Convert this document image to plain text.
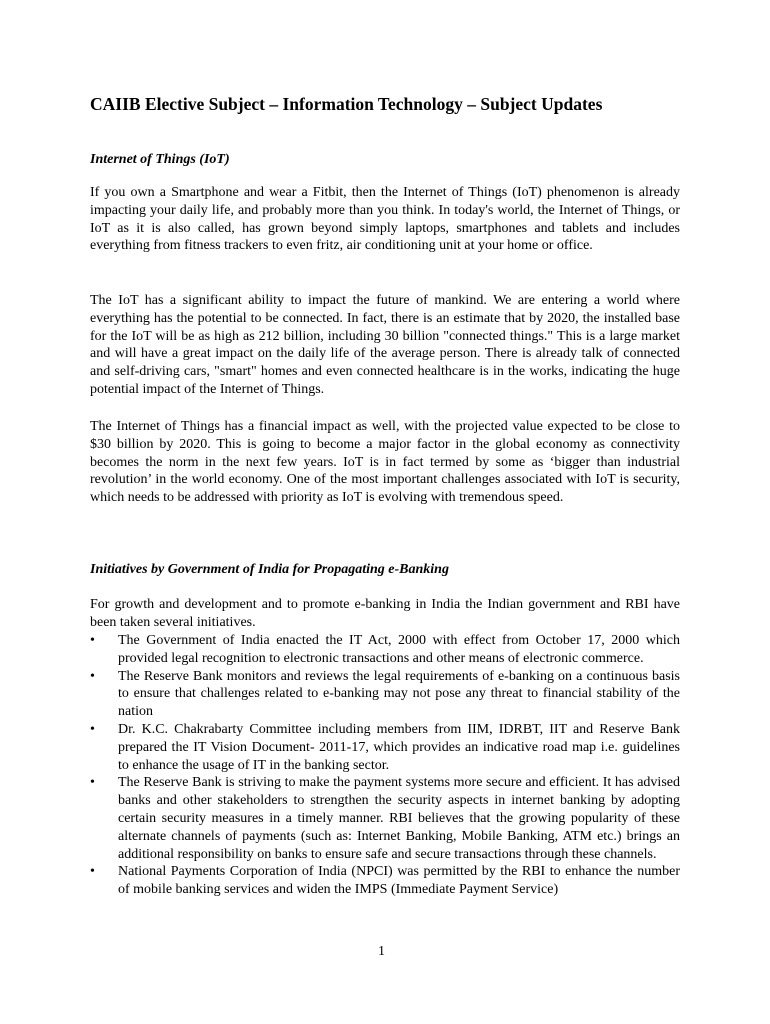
CAIIB Elective Subject – Information Technology – Subject Updates
Internet of Things (IoT)

If you own a Smartphone and wear a Fitbit, then the Internet of Things (IoT) phenomenon is already impacting your daily life, and probably more than you think. In today's world, the Internet of Things, or IoT as it is also called, has grown beyond simply laptops, smartphones and tablets and includes everything from fitness trackers to even fritz, air conditioning unit at your home or office.

The IoT has a significant ability to impact the future of mankind. We are entering a world where everything has the potential to be connected. In fact, there is an estimate that by 2020, the installed base for the IoT will be as high as 212 billion, including 30 billion "connected things." This is a large market and will have a great impact on the daily life of the average person. There is already talk of connected and self-driving cars, "smart" homes and even connected healthcare is in the works, indicating the huge potential impact of the Internet of Things.

The Internet of Things has a financial impact as well, with the projected value expected to be close to $30 billion by 2020. This is going to become a major factor in the global economy as connectivity becomes the norm in the next few years. IoT is in fact termed by some as ‘bigger than industrial revolution’ in the world economy. One of the most important challenges associated with IoT is security, which needs to be addressed with priority as IoT is evolving with tremendous speed.

Initiatives by Government of India for Propagating e-Banking

For growth and development and to promote e-banking in India the Indian government and RBI have been taken several initiatives.

•	The Government of India enacted the IT Act, 2000 with effect from October 17, 2000 which provided legal recognition to electronic transactions and other means of electronic commerce.
•	The Reserve Bank monitors and reviews the legal requirements of e-banking on a continuous basis to ensure that challenges related to e-banking may not pose any threat to financial stability of the nation
•	Dr. K.C. Chakrabarty Committee including members from IIM, IDRBT, IIT and Reserve Bank prepared the IT Vision Document- 2011-17, which provides an indicative road map i.e. guidelines to enhance the usage of IT in the banking sector.
•	The Reserve Bank is striving to make the payment systems more secure and efficient. It has advised banks and other stakeholders to strengthen the security aspects in internet banking by adopting certain security measures in a timely manner. RBI believes that the growing popularity of these alternate channels of payments (such as: Internet Banking, Mobile Banking, ATM etc.) brings an additional responsibility on banks to ensure safe and secure transactions through these channels.
•	National Payments Corporation of India (NPCI) was permitted by the RBI to enhance the number of mobile banking services and widen the IMPS (Immediate Payment Service)
1
